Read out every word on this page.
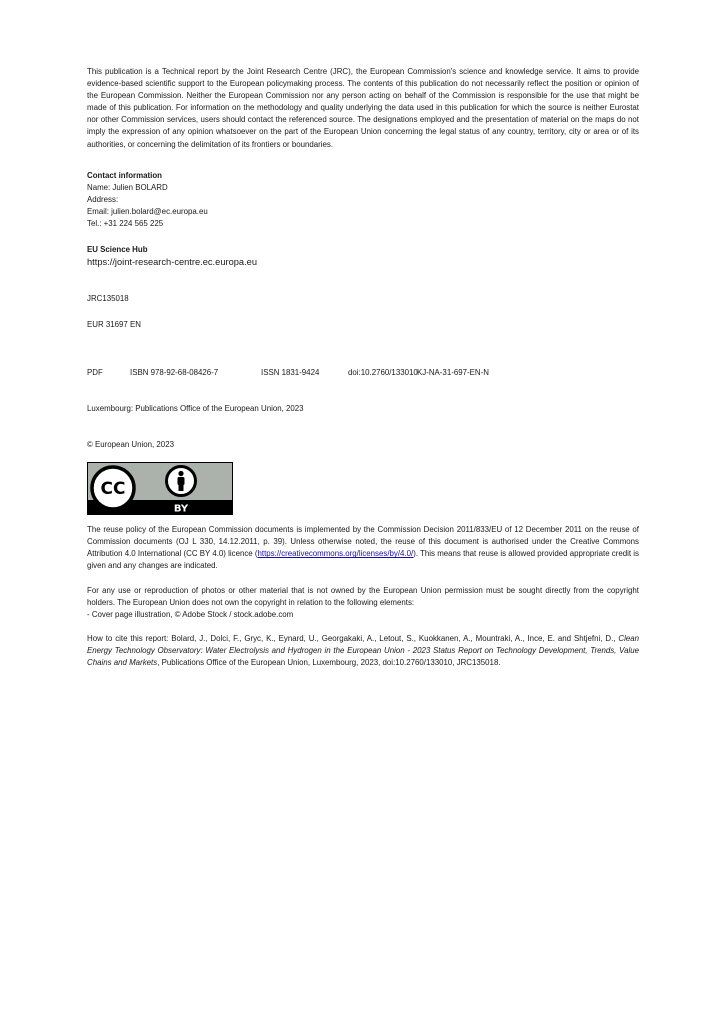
This publication is a Technical report by the Joint Research Centre (JRC), the European Commission's science and knowledge service. It aims to provide evidence-based scientific support to the European policymaking process. The contents of this publication do not necessarily reflect the position or opinion of the European Commission. Neither the European Commission nor any person acting on behalf of the Commission is responsible for the use that might be made of this publication. For information on the methodology and quality underlying the data used in this publication for which the source is neither Eurostat nor other Commission services, users should contact the referenced source. The designations employed and the presentation of material on the maps do not imply the expression of any opinion whatsoever on the part of the European Union concerning the legal status of any country, territory, city or area or of its authorities, or concerning the delimitation of its frontiers or boundaries.

Contact information

Name: Julien BOLARD

Address:

Email: julien.bolard@ec.europa.eu

Tel.: +31 224 565 225

EU Science Hub

https://joint-research-centre.ec.europa.eu

JRC135018

EUR 31697 EN

PDF	ISBN 978-92-68-08426-7	ISSN 1831-9424	doi:10.2760/133010KJ-NA-31-697-EN-N

Luxembourg: Publications Office of the European Union, 2023

© European Union, 2023

CC
BY

The reuse policy of the European Commission documents is implemented by the Commission Decision 2011/833/EU of 12 December 2011 on the reuse of Commission documents (OJ L 330, 14.12.2011, p. 39). Unless otherwise noted, the reuse of this document is authorised under the Creative Commons Attribution 4.0 International (CC BY 4.0) licence (https://creativecommons.org/licenses/by/4.0/). This means that reuse is allowed provided appropriate credit is given and any changes are indicated.

For any use or reproduction of photos or other material that is not owned by the European Union permission must be sought directly from the copyright holders. The European Union does not own the copyright in relation to the following elements:

- Cover page illustration, © Adobe Stock / stock.adobe.com

How to cite this report: Bolard, J., Dolci, F., Gryc, K., Eynard, U., Georgakaki, A., Letout, S., Kuokkanen, A., Mountraki, A., Ince, E. and Shtjefni, D., Clean Energy Technology Observatory: Water Electrolysis and Hydrogen in the European Union - 2023 Status Report on Technology Development, Trends, Value Chains and Markets, Publications Office of the European Union, Luxembourg, 2023, doi:10.2760/133010, JRC135018.
